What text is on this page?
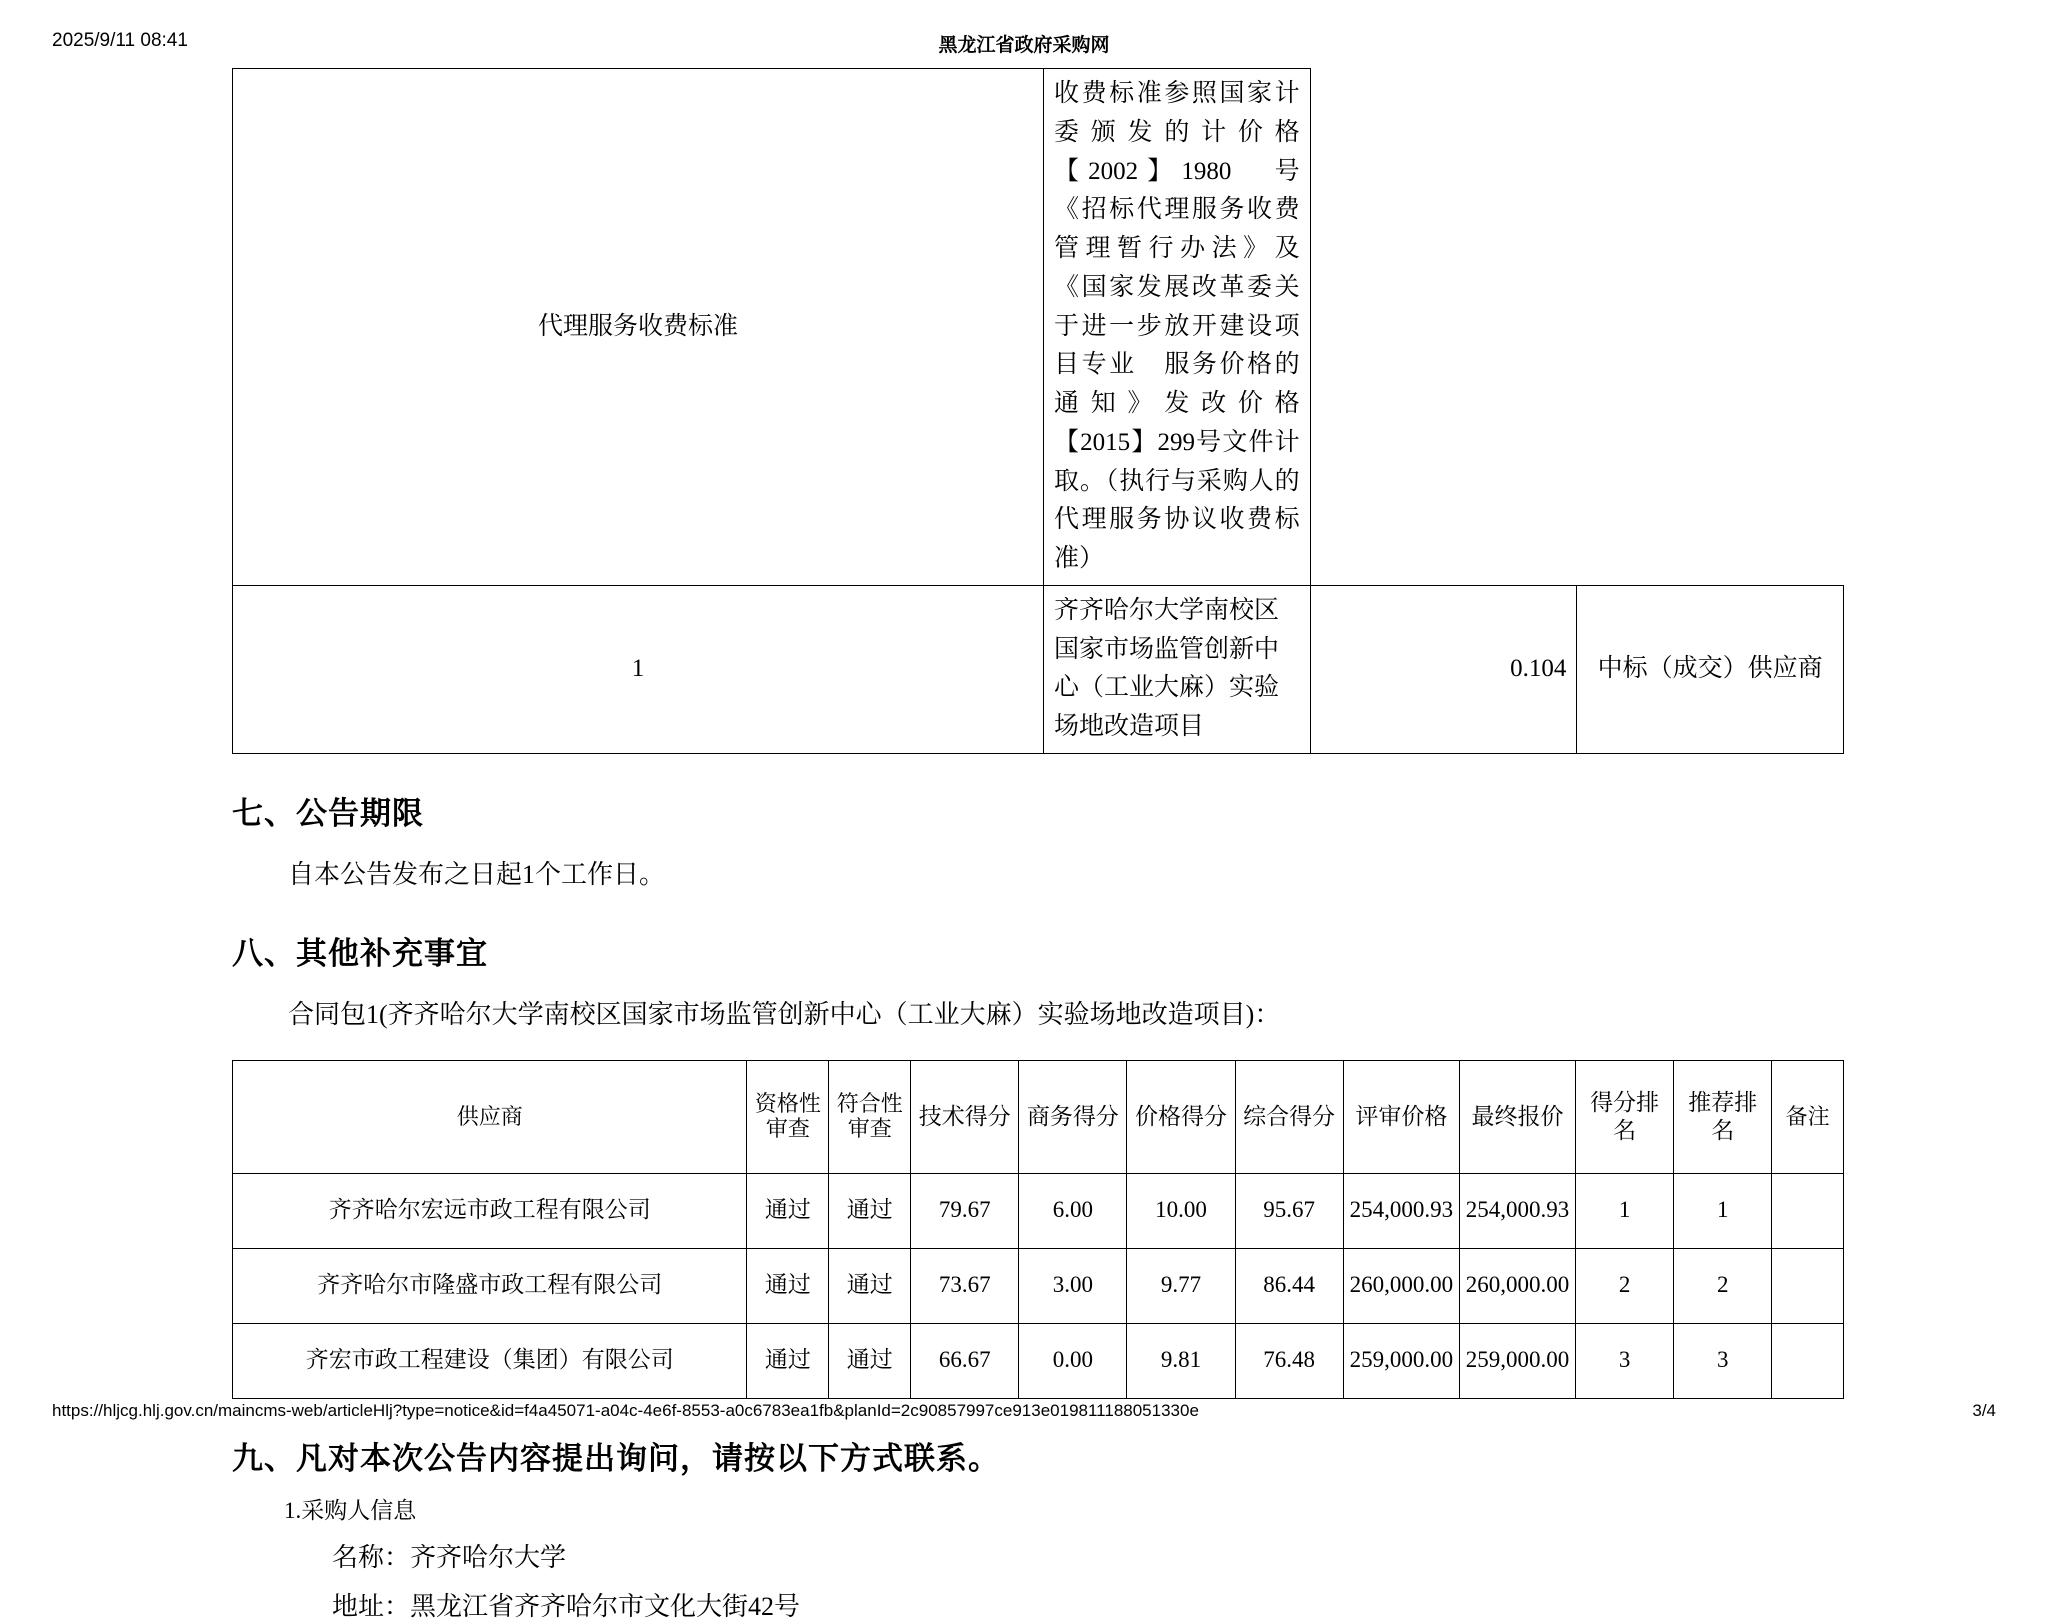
2025/9/11 08:41	黑龙江省政府采购网
代理服务收费标准	收费标准参照国家计委颁发的计价格【2002】1980　号《招标代理服务收费管理暂行办法》及《国家发展改革委关于进一步放开建设项目专业　服务价格的通知》发改价格【2015】299号文件计取。（执行与采购人的代理服务协议收费标准）		
1	齐齐哈尔大学南校区国家市场监管创新中心（工业大麻）实验场地改造项目	0.104	中标（成交）供应商
七、公告期限

自本公告发布之日起1个工作日。

八、其他补充事宜

合同包1(齐齐哈尔大学南校区国家市场监管创新中心（工业大麻）实验场地改造项目)：

供应商	资格性审查	符合性审查	技术得分	商务得分	价格得分	综合得分	评审价格	最终报价	得分排名	推荐排名	备注
齐齐哈尔宏远市政工程有限公司	通过	通过	79.67	6.00	10.00	95.67	254,000.93	254,000.93	1	1	
齐齐哈尔市隆盛市政工程有限公司	通过	通过	73.67	3.00	9.77	86.44	260,000.00	260,000.00	2	2	
齐宏市政工程建设（集团）有限公司	通过	通过	66.67	0.00	9.81	76.48	259,000.00	259,000.00	3	3	
九、凡对本次公告内容提出询问，请按以下方式联系。

1.采购人信息

名称：齐齐哈尔大学

地址：黑龙江省齐齐哈尔市文化大街42号

https://hljcg.hlj.gov.cn/maincms-web/articleHlj?type=notice&id=f4a45071-a04c-4e6f-8553-a0c6783ea1fb&planId=2c90857997ce913e019811188051330e	3/4
